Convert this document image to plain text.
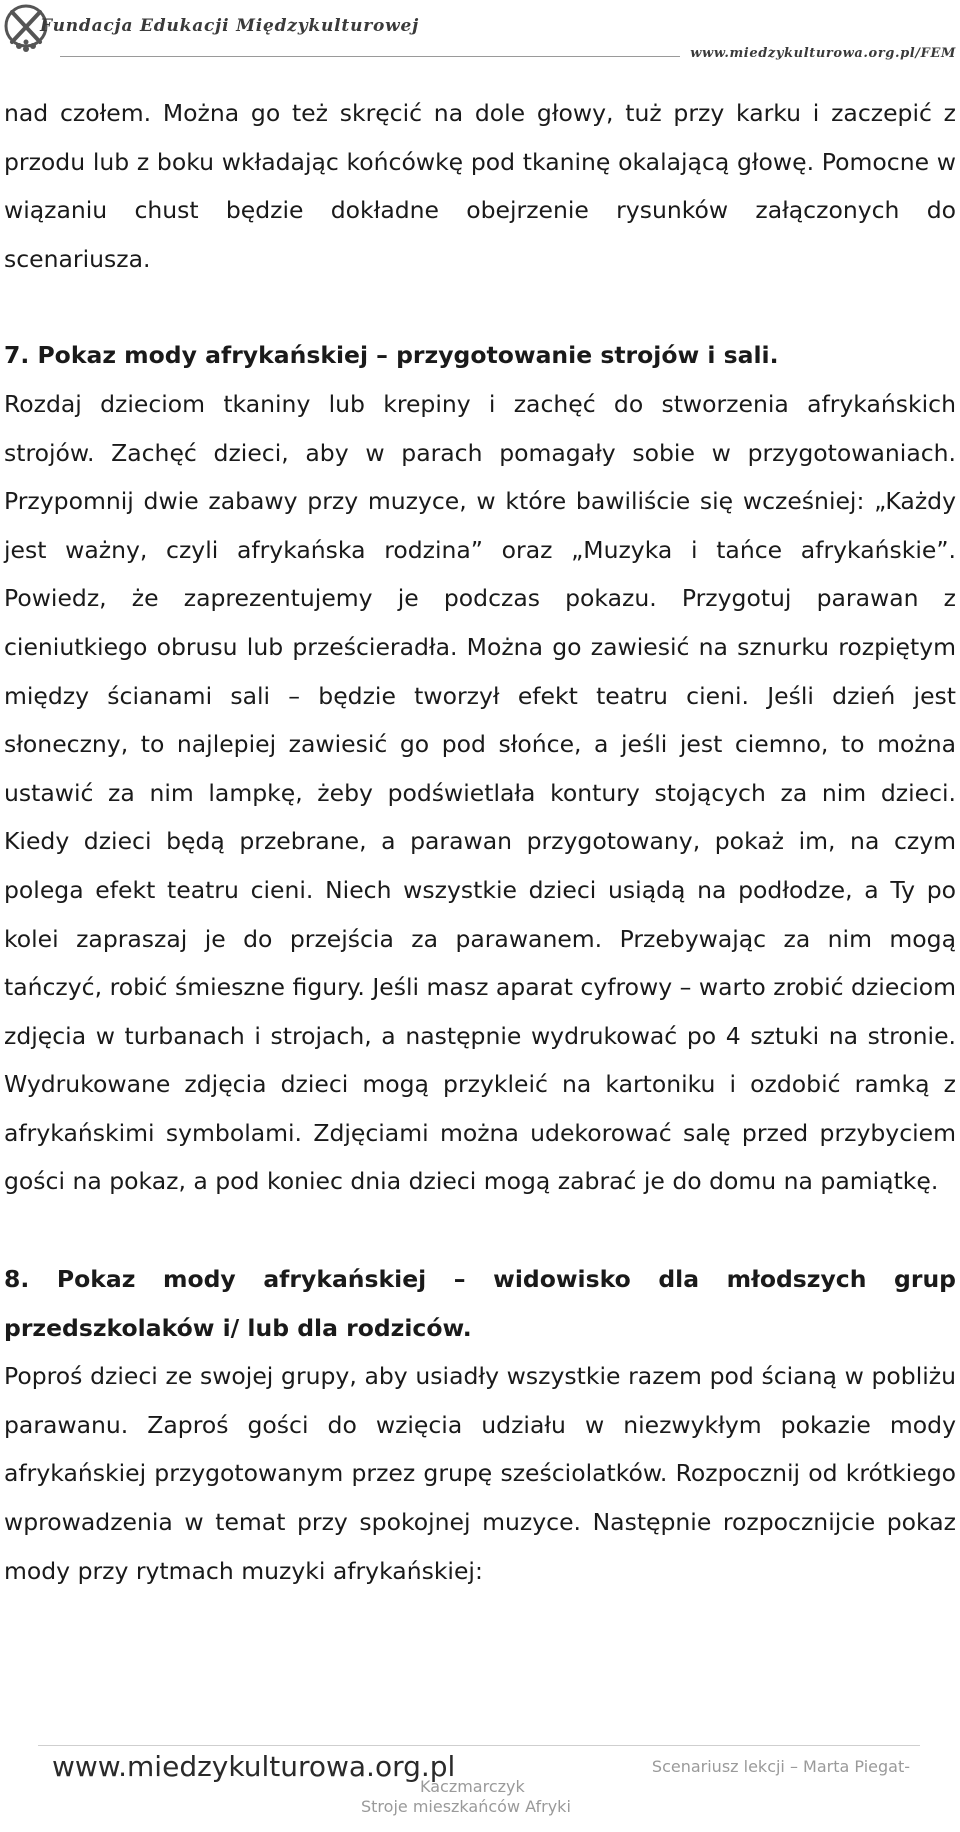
Fundacja Edukacji Międzykulturowej
www.miedzykulturowa.org.pl/FEM

nad czołem. Można go też skręcić na dole głowy, tuż przy karku i zaczepić z przodu lub z boku wkładając końcówkę pod tkaninę okalającą głowę. Pomocne w wiązaniu chust będzie dokładne obejrzenie rysunków załączonych do scenariusza.

7. Pokaz mody afrykańskiej – przygotowanie strojów i sali.

Rozdaj dzieciom tkaniny lub krepiny i zachęć do stworzenia afrykańskich strojów. Zachęć dzieci, aby w parach pomagały sobie w przygotowaniach. Przypomnij dwie zabawy przy muzyce, w które bawiliście się wcześniej: „Każdy jest ważny, czyli afrykańska rodzina” oraz „Muzyka i tańce afrykańskie”. Powiedz, że zaprezentujemy je podczas pokazu. Przygotuj parawan z cieniutkiego obrusu lub prześcieradła. Można go zawiesić na sznurku rozpiętym między ścianami sali – będzie tworzył efekt teatru cieni. Jeśli dzień jest słoneczny, to najlepiej zawiesić go pod słońce, a jeśli jest ciemno, to można ustawić za nim lampkę, żeby podświetlała kontury stojących za nim dzieci. Kiedy dzieci będą przebrane, a parawan przygotowany, pokaż im, na czym polega efekt teatru cieni. Niech wszystkie dzieci usiądą na podłodze, a Ty po kolei zapraszaj je do przejścia za parawanem. Przebywając za nim mogą tańczyć, robić śmieszne figury. Jeśli masz aparat cyfrowy – warto zrobić dzieciom zdjęcia w turbanach i strojach, a następnie wydrukować po 4 sztuki na stronie. Wydrukowane zdjęcia dzieci mogą przykleić na kartoniku i ozdobić ramką z afrykańskimi symbolami. Zdjęciami można udekorować salę przed przybyciem gości na pokaz, a pod koniec dnia dzieci mogą zabrać je do domu na pamiątkę.

8. Pokaz mody afrykańskiej – widowisko dla młodszych grup przedszkolaków i/ lub dla rodziców.

Poproś dzieci ze swojej grupy, aby usiadły wszystkie razem pod ścianą w pobliżu parawanu. Zaproś gości do wzięcia udziału w niezwykłym pokazie mody afrykańskiej przygotowanym przez grupę sześciolatków. Rozpocznij od krótkiego wprowadzenia w temat przy spokojnej muzyce. Następnie rozpocznijcie pokaz mody przy rytmach muzyki afrykańskiej:

www.miedzykulturowa.org.pl	Scenariusz lekcji – Marta Piegat-
Kaczmarczyk
Stroje mieszkańców Afryki
